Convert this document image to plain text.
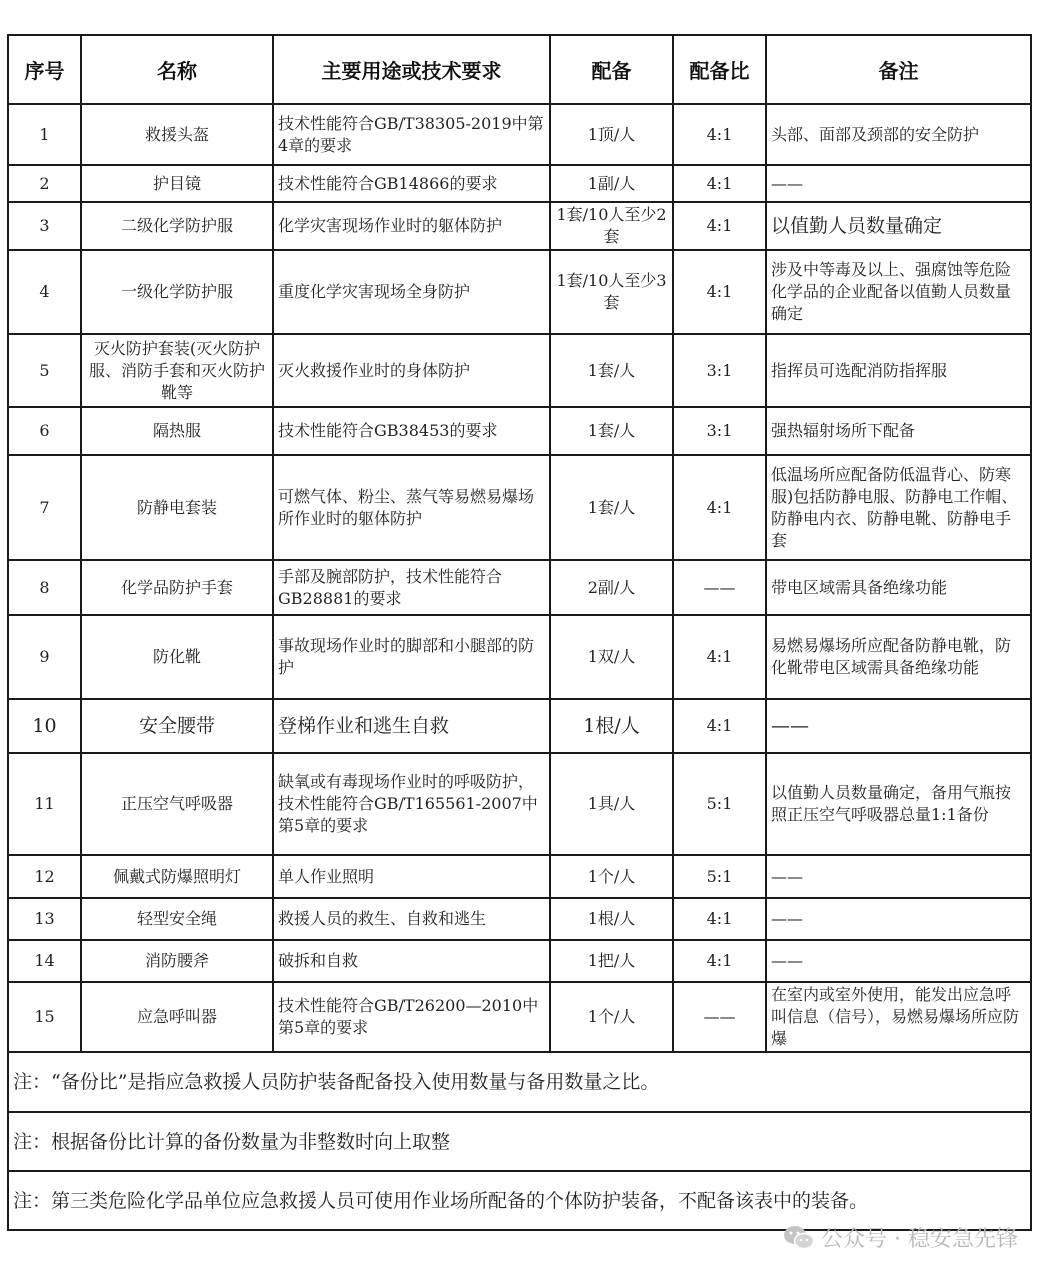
序号	名称	主要用途或技术要求	配备	配备比	备注
1	救援头盔	技术性能符合GB/T38305-2019中第4章的要求	1顶/人	4:1	头部、面部及颈部的安全防护
2	护目镜	技术性能符合GB14866的要求	1副/人	4:1	——
3	二级化学防护服	化学灾害现场作业时的躯体防护	1套/10人至少2套	4:1	以值勤人员数量确定
4	一级化学防护服	重度化学灾害现场全身防护	1套/10人至少3套	4:1	涉及中等毒及以上、强腐蚀等危险化学品的企业配备以值勤人员数量确定
5	灭火防护套装(灭火防护服、消防手套和灭火防护靴等	灭火救援作业时的身体防护	1套/人	3:1	指挥员可选配消防指挥服
6	隔热服	技术性能符合GB38453的要求	1套/人	3:1	强热辐射场所下配备
7	防静电套装	可燃气体、粉尘、蒸气等易燃易爆场所作业时的躯体防护	1套/人	4:1	低温场所应配备防低温背心、防寒服)包括防静电服、防静电工作帽、防静电内衣、防静电靴、防静电手套
8	化学品防护手套	手部及腕部防护，技术性能符合GB28881的要求	2副/人	——	带电区域需具备绝缘功能
9	防化靴	事故现场作业时的脚部和小腿部的防护	1双/人	4:1	易燃易爆场所应配备防静电靴，防化靴带电区域需具备绝缘功能
10	安全腰带	登梯作业和逃生自救	1根/人	4:1	——
11	正压空气呼吸器	缺氧或有毒现场作业时的呼吸防护，技术性能符合GB/T165561-2007中第5章的要求	1具/人	5:1	以值勤人员数量确定，备用气瓶按照正压空气呼吸器总量1:1备份
12	佩戴式防爆照明灯	单人作业照明	1个/人	5:1	——
13	轻型安全绳	救援人员的救生、自救和逃生	1根/人	4:1	——
14	消防腰斧	破拆和自救	1把/人	4:1	——
15	应急呼叫器	技术性能符合GB/T26200—2010中第5章的要求	1个/人	——	在室内或室外使用，能发出应急呼叫信息（信号），易燃易爆场所应防爆
注：“备份比”是指应急救援人员防护装备配备投入使用数量与备用数量之比。					
注：根据备份比计算的备份数量为非整数时向上取整					
注：第三类危险化学品单位应急救援人员可使用作业场所配备的个体防护装备，不配备该表中的装备。					
公众号 · 稳安急先锋
